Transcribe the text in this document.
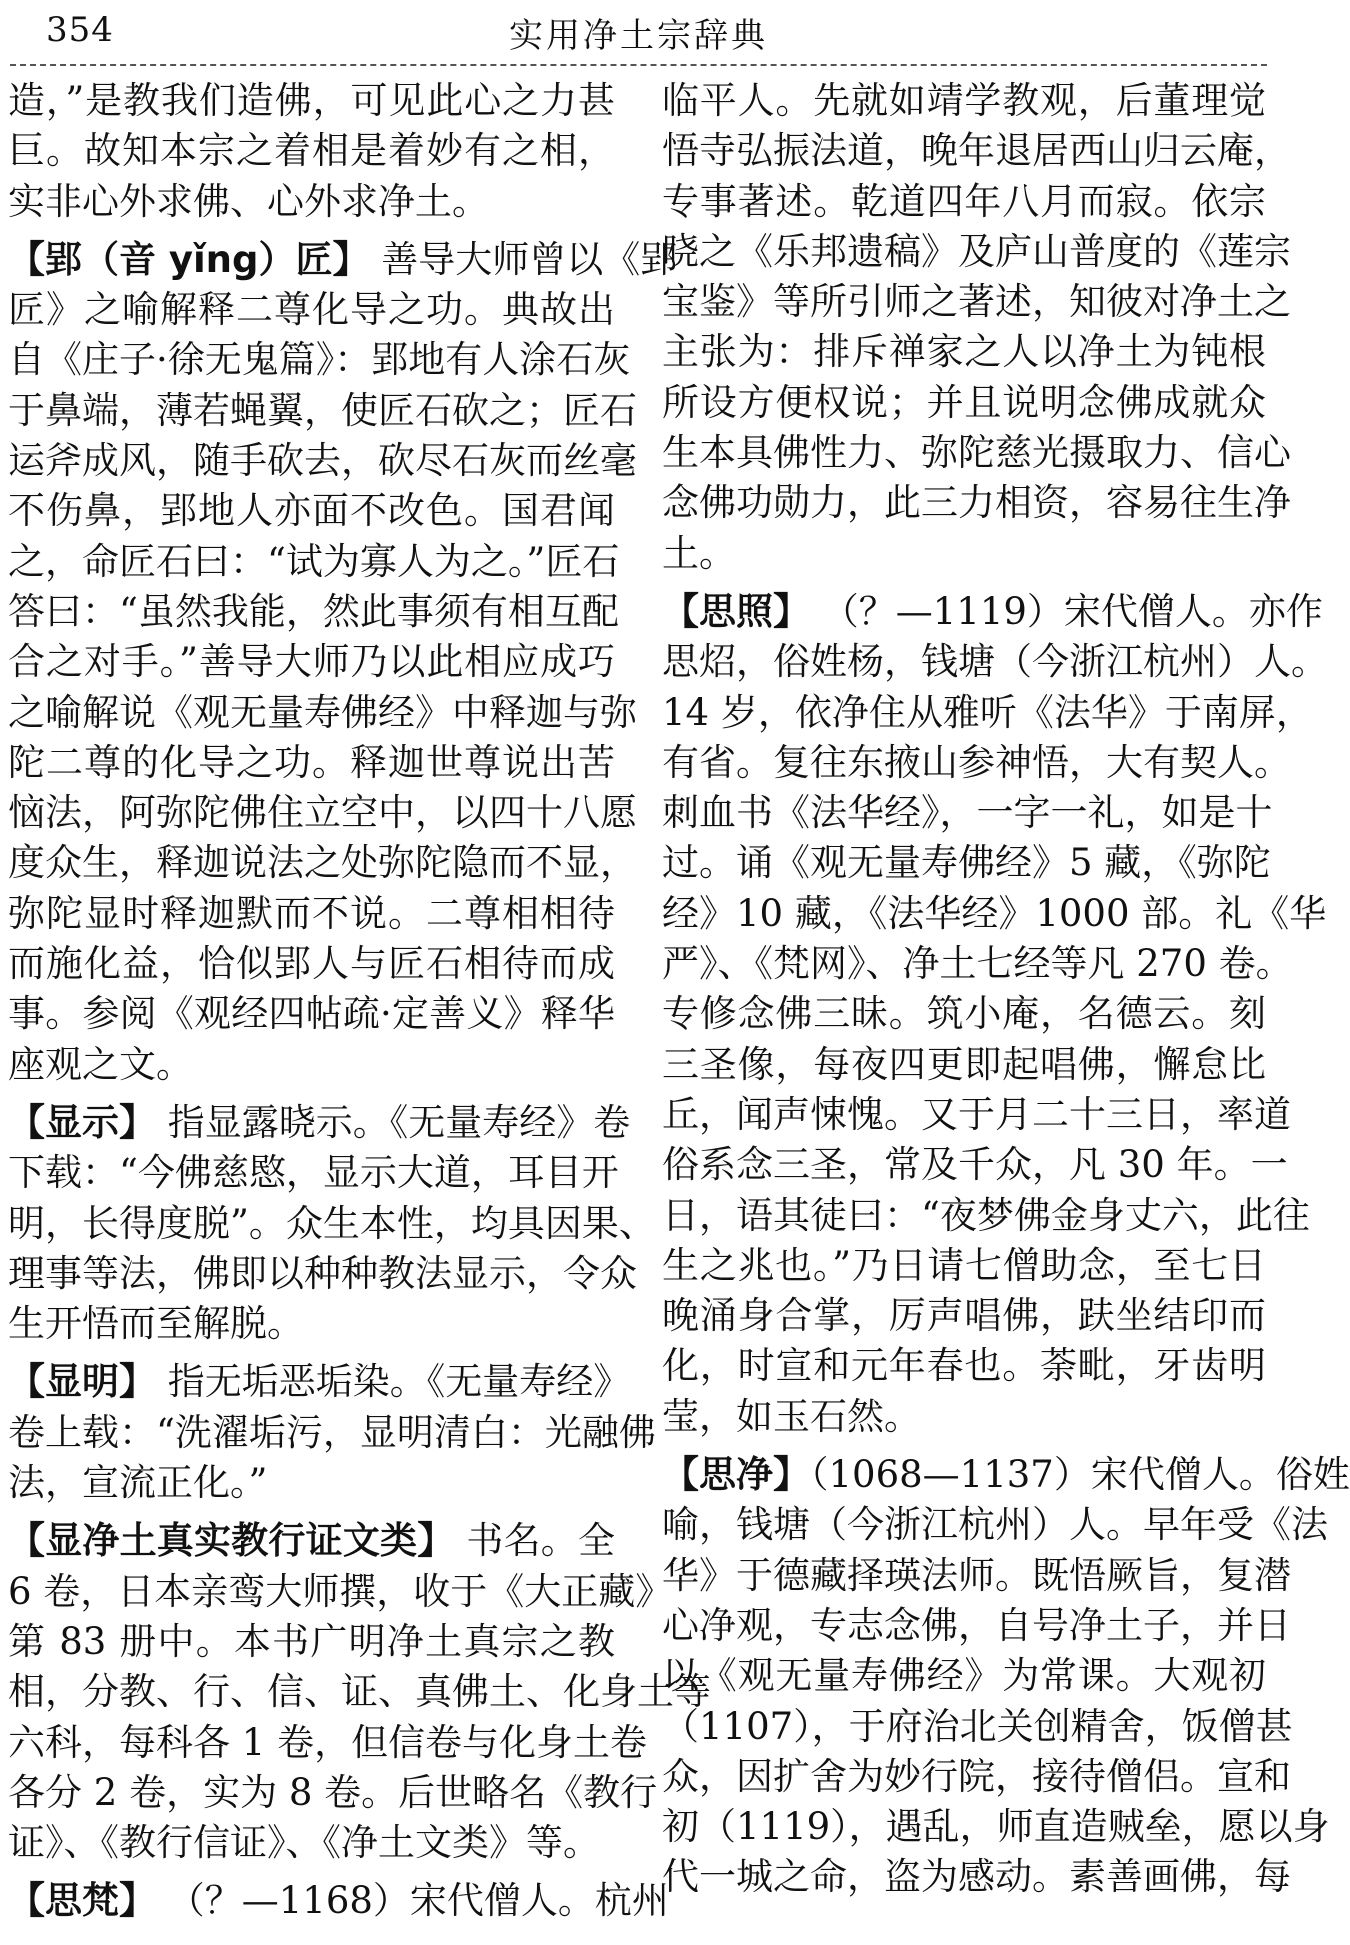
354	实用净土宗辞典
造，”是教我们造佛，可见此心之力甚
巨。故知本宗之着相是着妙有之相，
实非心外求佛、心外求净土。
【郢（音 yǐng）匠】 善导大师曾以《郢
匠》之喻解释二尊化导之功。典故出
自《庄子·徐无鬼篇》：郢地有人涂石灰
于鼻端，薄若蝇翼，使匠石砍之；匠石
运斧成风，随手砍去，砍尽石灰而丝毫
不伤鼻，郢地人亦面不改色。国君闻
之，命匠石曰：“试为寡人为之。”匠石
答曰：“虽然我能，然此事须有相互配
合之对手。”善导大师乃以此相应成巧
之喻解说《观无量寿佛经》中释迦与弥
陀二尊的化导之功。释迦世尊说出苦
恼法，阿弥陀佛住立空中，以四十八愿
度众生，释迦说法之处弥陀隐而不显，
弥陀显时释迦默而不说。二尊相相待
而施化益，恰似郢人与匠石相待而成
事。参阅《观经四帖疏·定善义》释华
座观之文。
【显示】 指显露晓示。《无量寿经》卷
下载：“今佛慈愍，显示大道，耳目开
明，长得度脱”。众生本性，均具因果、
理事等法，佛即以种种教法显示，令众
生开悟而至解脱。
【显明】 指无垢恶垢染。《无量寿经》
卷上载：“洗濯垢污，显明清白：光融佛
法，宣流正化。”
【显净土真实教行证文类】 书名。全
6 卷，日本亲鸾大师撰，收于《大正藏》
第 83 册中。本书广明净土真宗之教
相，分教、行、信、证、真佛土、化身土等
六科，每科各 1 卷，但信卷与化身土卷
各分 2 卷，实为 8 卷。后世略名《教行
证》、《教行信证》、《净土文类》等。
【思梵】 （？—1168）宋代僧人。杭州
临平人。先就如靖学教观，后董理觉
悟寺弘振法道，晚年退居西山归云庵，
专事著述。乾道四年八月而寂。依宗
晓之《乐邦遗稿》及庐山普度的《莲宗
宝鉴》等所引师之著述，知彼对净土之
主张为：排斥禅家之人以净土为钝根
所设方便权说；并且说明念佛成就众
生本具佛性力、弥陀慈光摄取力、信心
念佛功勋力，此三力相资，容易往生净
土。
【思照】 （？—1119）宋代僧人。亦作
思炤，俗姓杨，钱塘（今浙江杭州）人。
14 岁，依净住从雅听《法华》于南屏，
有省。复往东掖山参神悟，大有契人。
刺血书《法华经》，一字一礼，如是十
过。诵《观无量寿佛经》5 藏，《弥陀
经》10 藏，《法华经》1000 部。礼《华
严》、《梵网》、净土七经等凡 270 卷。
专修念佛三昧。筑小庵，名德云。刻
三圣像，每夜四更即起唱佛，懈怠比
丘，闻声悚愧。又于月二十三日，率道
俗系念三圣，常及千众，凡 30 年。一
日，语其徒曰：“夜梦佛金身丈六，此往
生之兆也。”乃日请七僧助念，至七日
晚涌身合掌，厉声唱佛，趺坐结印而
化，时宣和元年春也。荼毗，牙齿明
莹，如玉石然。
【思净】（1068—1137）宋代僧人。俗姓
喻，钱塘（今浙江杭州）人。早年受《法
华》于德藏择瑛法师。既悟厥旨，复潜
心净观，专志念佛，自号净土子，并日
以《观无量寿佛经》为常课。大观初
（1107），于府治北关创精舍，饭僧甚
众，因扩舍为妙行院，接待僧侣。宣和
初（1119），遇乱，师直造贼垒，愿以身
代一城之命，盗为感动。素善画佛，每
